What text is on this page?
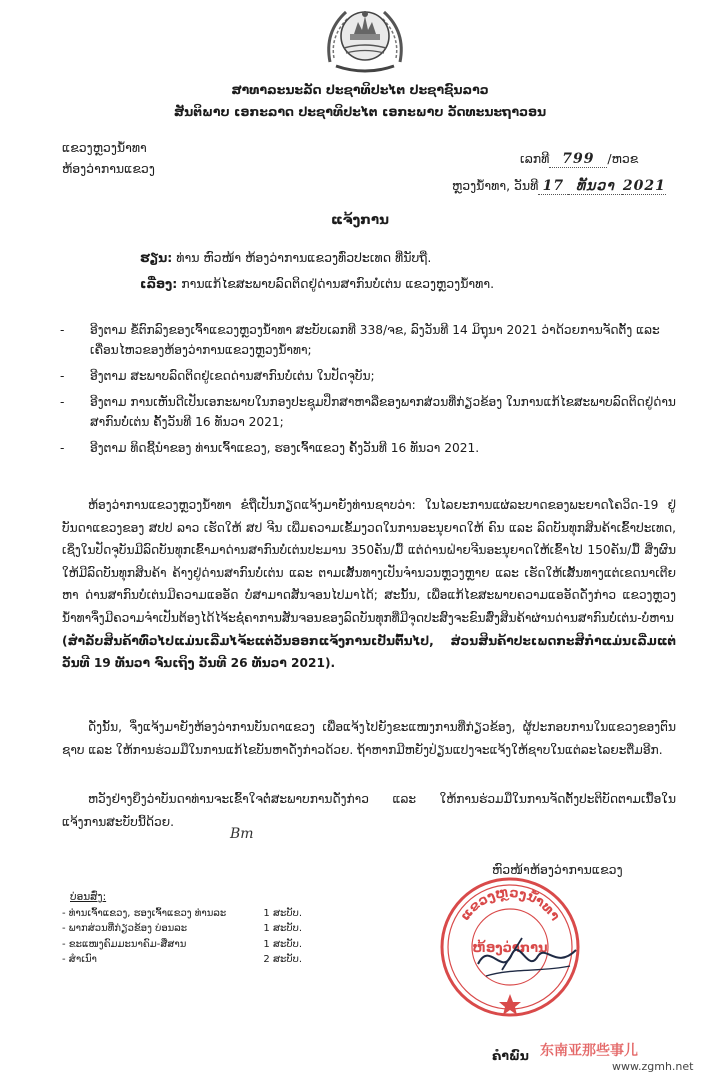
ສາທາລະນະລັດ ປະຊາທິປະໄຕ ປະຊາຊົນລາວ
ສັນຕິພາບ ເອກະລາດ ປະຊາທິປະໄຕ ເອກະພາບ ວັດທະນະຖາວອນ
ແຂວງຫຼວງນ້ຳທາ
ຫ້ອງວ່າການແຂວງ
ເລກທີ 799 /ຫວຂ
ຫຼວງນ້ຳທາ, ວັນທີ 17 ທັນວາ 2021
ແຈ້ງການ
ຮຽນ: ທ່ານ ຫົວໜ້າ ຫ້ອງວ່າການແຂວງທົ່ວປະເທດ ທີ່ນັບຖື.
ເລື່ອງ: ການແກ້ໄຂສະພາບລົດຕິດຢູ່ດ່ານສາກົນບໍ່ເຕ່ນ ແຂວງຫຼວງນ້ຳທາ.
- ອີງຕາມ ຂໍ້ຕົກລົງຂອງເຈົ້າແຂວງຫຼວງນ້ຳທາ ສະບັບເລກທີ 338/ຈຂ, ລົງວັນທີ 14 ມິຖຸນາ 2021 ວ່າດ້ວຍການຈັດຕັ້ງ ແລະ ເຄື່ອນໄຫວຂອງຫ້ອງວ່າການແຂວງຫຼວງນ້ຳທາ;
- ອີງຕາມ ສະພາບລົດຕິດຢູ່ເຂດດ່ານສາກົນບໍ່ເຕ່ນ ໃນປັດຈຸບັນ;
- ອີງຕາມ ການເຫັນດີເປັນເອກະພາບໃນກອງປະຊຸມປຶກສາຫາລືຂອງພາກສ່ວນທີ່ກ່ຽວຂ້ອງ ໃນການແກ້ໄຂສະພາບລົດຕິດຢູ່ດ່ານສາກົນບໍ່ເຕ່ນ ຄັ້ງວັນທີ 16 ທັນວາ 2021;
- ອີງຕາມ ທິດຊີ້ນຳຂອງ ທ່ານເຈົ້າແຂວງ, ຮອງເຈົ້າແຂວງ ຄັ້ງວັນທີ 16 ທັນວາ 2021.
ຫ້ອງວ່າການແຂວງຫຼວງນ້ຳທາ ຂໍຖືເປັນກຽດແຈ້ງມາຍັງທ່ານຊາບວ່າ: ໃນໄລຍະການແຜ່ລະບາດຂອງພະຍາດໂຄວິດ-19 ຢູ່ບັນດາແຂວງຂອງ ສປປ ລາວ ເຮັດໃຫ້ ສປ ຈີນ ເພີ່ມຄວາມເຂັ້ມງວດໃນການອະນຸຍາດໃຫ້ ຄົນ ແລະ ລົດບັນທຸກສິນຄ້າເຂົ້າປະເທດ, ເຊິ່ງໃນປັດຈຸບັນມີລົດບັນທຸກເຂົ້າມາດ່ານສາກົນບໍ່ເຕ່ນປະມານ 350ຄັນ/ມື້ ແຕ່ດ່ານຝ່າຍຈີນອະນຸຍາດໃຫ້ເຂົ້າໄປ 150ຄັນ/ມື້ ສິ່ງຜົນໃຫ້ມີລົດບັນທຸກສິນຄ້າ ຄ້າງຢູ່ດ່ານສາກົນບໍ່ເຕ່ນ ແລະ ຕາມເສັ້ນທາງເປັນຈຳນວນຫຼວງຫຼາຍ ແລະ ເຮັດໃຫ້ເສັ້ນທາງແຕ່ເຂດນາເຕີຍ ຫາ ດ່ານສາກົນບໍ່ເຕ່ນມີຄວາມແອອັດ ບໍ່ສາມາດສັນຈອນໄປມາໄດ້; ສະນັ້ນ, ເພື່ອແກ້ໄຂສະພາບຄວາມແອອັດດັ່ງກ່າວ ແຂວງຫຼວງນ້ຳທາຈຶ່ງມີຄວາມຈຳເປັນຕ້ອງໄດ້ໄຈ້ະຊໍ່ຄາການສັນຈອນຂອງລົດບັນທຸກທີ່ມີຈຸດປະສົງຈະຂົນສົ່ງສິນຄ້າຜ່ານດ່ານສາກົນບໍ່ເຕ່ນ-ບໍ່ຫານ (ສຳລັບສິນຄ້າທົ່ວໄປແມ່ນເລີ່ມໄຈ້ະແຕ່ວັນອອກແຈ້ງການເປັນຕົ້ນໄປ, ສ່ວນສິນຄ້າປະເພດກະສິກຳແມ່ນເລີ່ມແຕ່ວັນທີ 19 ທັນວາ ຈົນເຖິງ ວັນທີ 26 ທັນວາ 2021).
ດັ່ງນັ້ນ, ຈຶ່ງແຈ້ງມາຍັງຫ້ອງວ່າການບັນດາແຂວງ ເພື່ອແຈ້ງໄປຍັງຂະແໜງການທີ່ກ່ຽວຂ້ອງ, ຜູ້ປະກອບການໃນແຂວງຂອງຕົນຊາບ ແລະ ໃຫ້ການຮ່ວມມືໃນການແກ້ໄຂບັນຫາດັ່ງກ່າວດ້ວຍ. ຖ້າຫາກມີຫຍັງປ່ຽນແປງຈະແຈ້ງໃຫ້ຊາບໃນແຕ່ລະໄລຍະຕື່ມອີກ.
ຫວັງຢ່າງຍິ່ງວ່າບັນດາທ່ານຈະເຂົ້າໃຈຕໍ່ສະພາບການດັ່ງກ່າວ ແລະ ໃຫ້ການຮ່ວມມືໃນການຈັດຕັ້ງປະຕິບັດຕາມເນື້ອໃນແຈ້ງການສະບັບນີ້ດ້ວຍ.
Bm
ຫົວໜ້າຫ້ອງວ່າການແຂວງ
ບ່ອນສົ່ງ:
- ທ່ານເຈົ້າແຂວງ, ຮອງເຈົ້າແຂວງ ທ່ານລະ	1 ສະບັບ.
- ພາກສ່ວນທີ່ກ່ຽວຂ້ອງ ບ່ອນລະ	1 ສະບັບ.
- ຂະແໜງຄົມມະນາຄົມ-ສື່ສານ	1 ສະບັບ.
- ສຳເນົາ	2 ສະບັບ.
ແຂວງຫຼວງນ້ຳທາ
ຫ້ອງວ່າການ
ຄຳພົນ 东南亚那些事儿
www.zgmh.net
